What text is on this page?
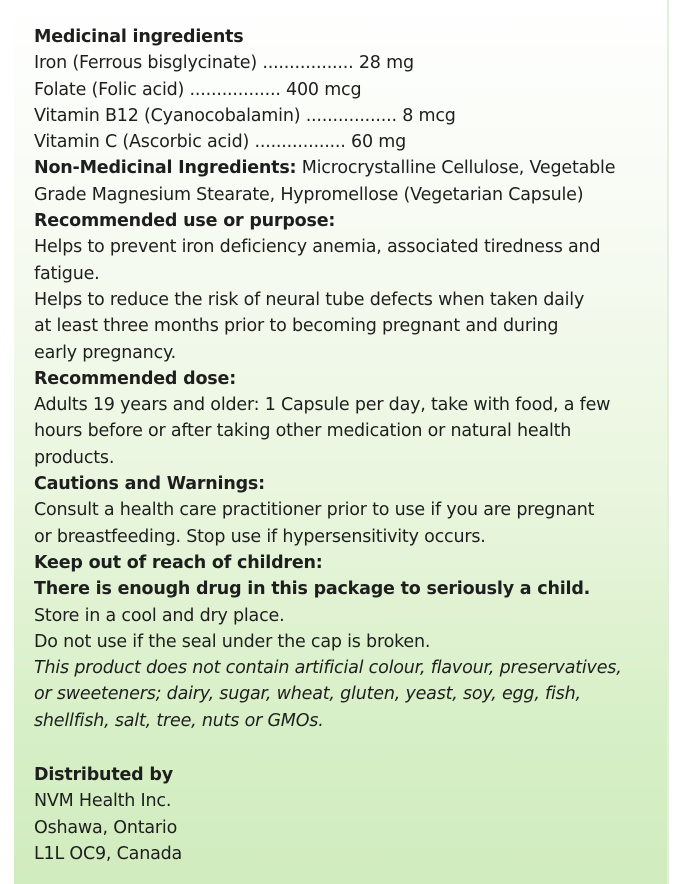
Medicinal ingredients
Iron (Ferrous bisglycinate) ................. 28 mg
Folate (Folic acid) ................. 400 mcg
Vitamin B12 (Cyanocobalamin) ................. 8 mcg
Vitamin C (Ascorbic acid) ................. 60 mg
Non-Medicinal Ingredients: Microcrystalline Cellulose, Vegetable
Grade Magnesium Stearate, Hypromellose (Vegetarian Capsule)
Recommended use or purpose:
Helps to prevent iron deficiency anemia, associated tiredness and
fatigue.
Helps to reduce the risk of neural tube defects when taken daily
at least three months prior to becoming pregnant and during
early pregnancy.
Recommended dose:
Adults 19 years and older: 1 Capsule per day, take with food, a few
hours before or after taking other medication or natural health
products.
Cautions and Warnings:
Consult a health care practitioner prior to use if you are pregnant
or breastfeeding. Stop use if hypersensitivity occurs.
Keep out of reach of children:
There is enough drug in this package to seriously a child.
Store in a cool and dry place.
Do not use if the seal under the cap is broken.
This product does not contain artificial colour, flavour, preservatives,
or sweeteners; dairy, sugar, wheat, gluten, yeast, soy, egg, fish,
shellfish, salt, tree, nuts or GMOs.
Distributed by
NVM Health Inc.
Oshawa, Ontario
L1L OC9, Canada
